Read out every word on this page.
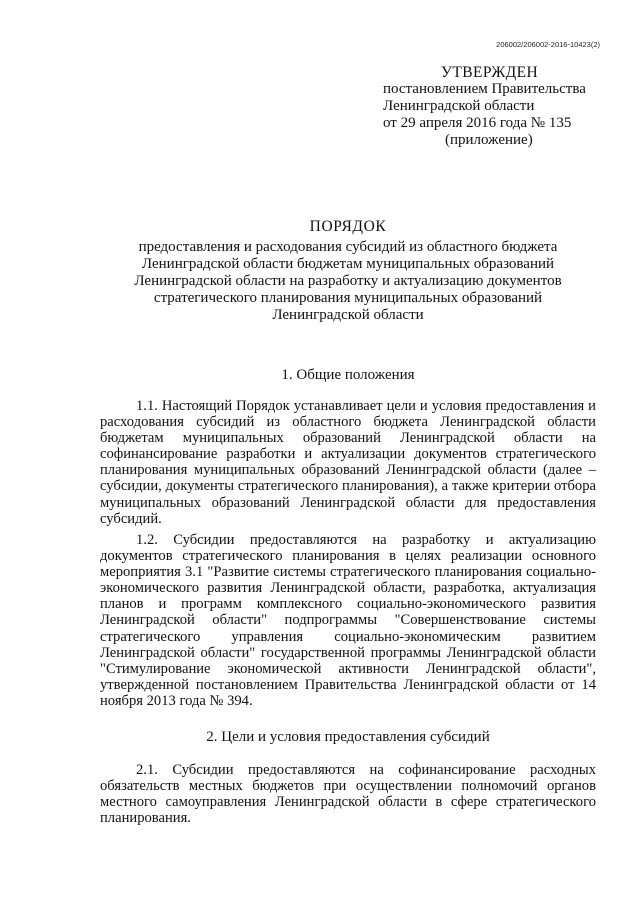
206002/206002-2016-10423(2)
УТВЕРЖДЕН
постановлением Правительства
Ленинградской области
от 29 апреля 2016 года № 135
(приложение)
ПОРЯДОК
предоставления и расходования субсидий из областного бюджета
Ленинградской области бюджетам муниципальных образований
Ленинградской области на разработку и актуализацию документов
стратегического планирования муниципальных образований
Ленинградской области
1. Общие положения
1.1. Настоящий Порядок устанавливает цели и условия предоставления и расходования субсидий из областного бюджета Ленинградской области бюджетам муниципальных образований Ленинградской области на софинансирование разработки и актуализации документов стратегического планирования муниципальных образований Ленинградской области (далее – субсидии, документы стратегического планирования), а также критерии отбора муниципальных образований Ленинградской области для предоставления субсидий.
1.2. Субсидии предоставляются на разработку и актуализацию документов стратегического планирования в целях реализации основного мероприятия 3.1 "Развитие системы стратегического планирования социально-экономического развития Ленинградской области, разработка, актуализация планов и программ комплексного социально-экономического развития Ленинградской области" подпрограммы "Совершенствование системы стратегического управления социально-экономическим развитием Ленинградской области" государственной программы Ленинградской области "Стимулирование экономической активности Ленинградской области", утвержденной постановлением Правительства Ленинградской области от 14 ноября 2013 года № 394.
2. Цели и условия предоставления субсидий
2.1. Субсидии предоставляются на софинансирование расходных обязательств местных бюджетов при осуществлении полномочий органов местного самоуправления Ленинградской области в сфере стратегического планирования.
